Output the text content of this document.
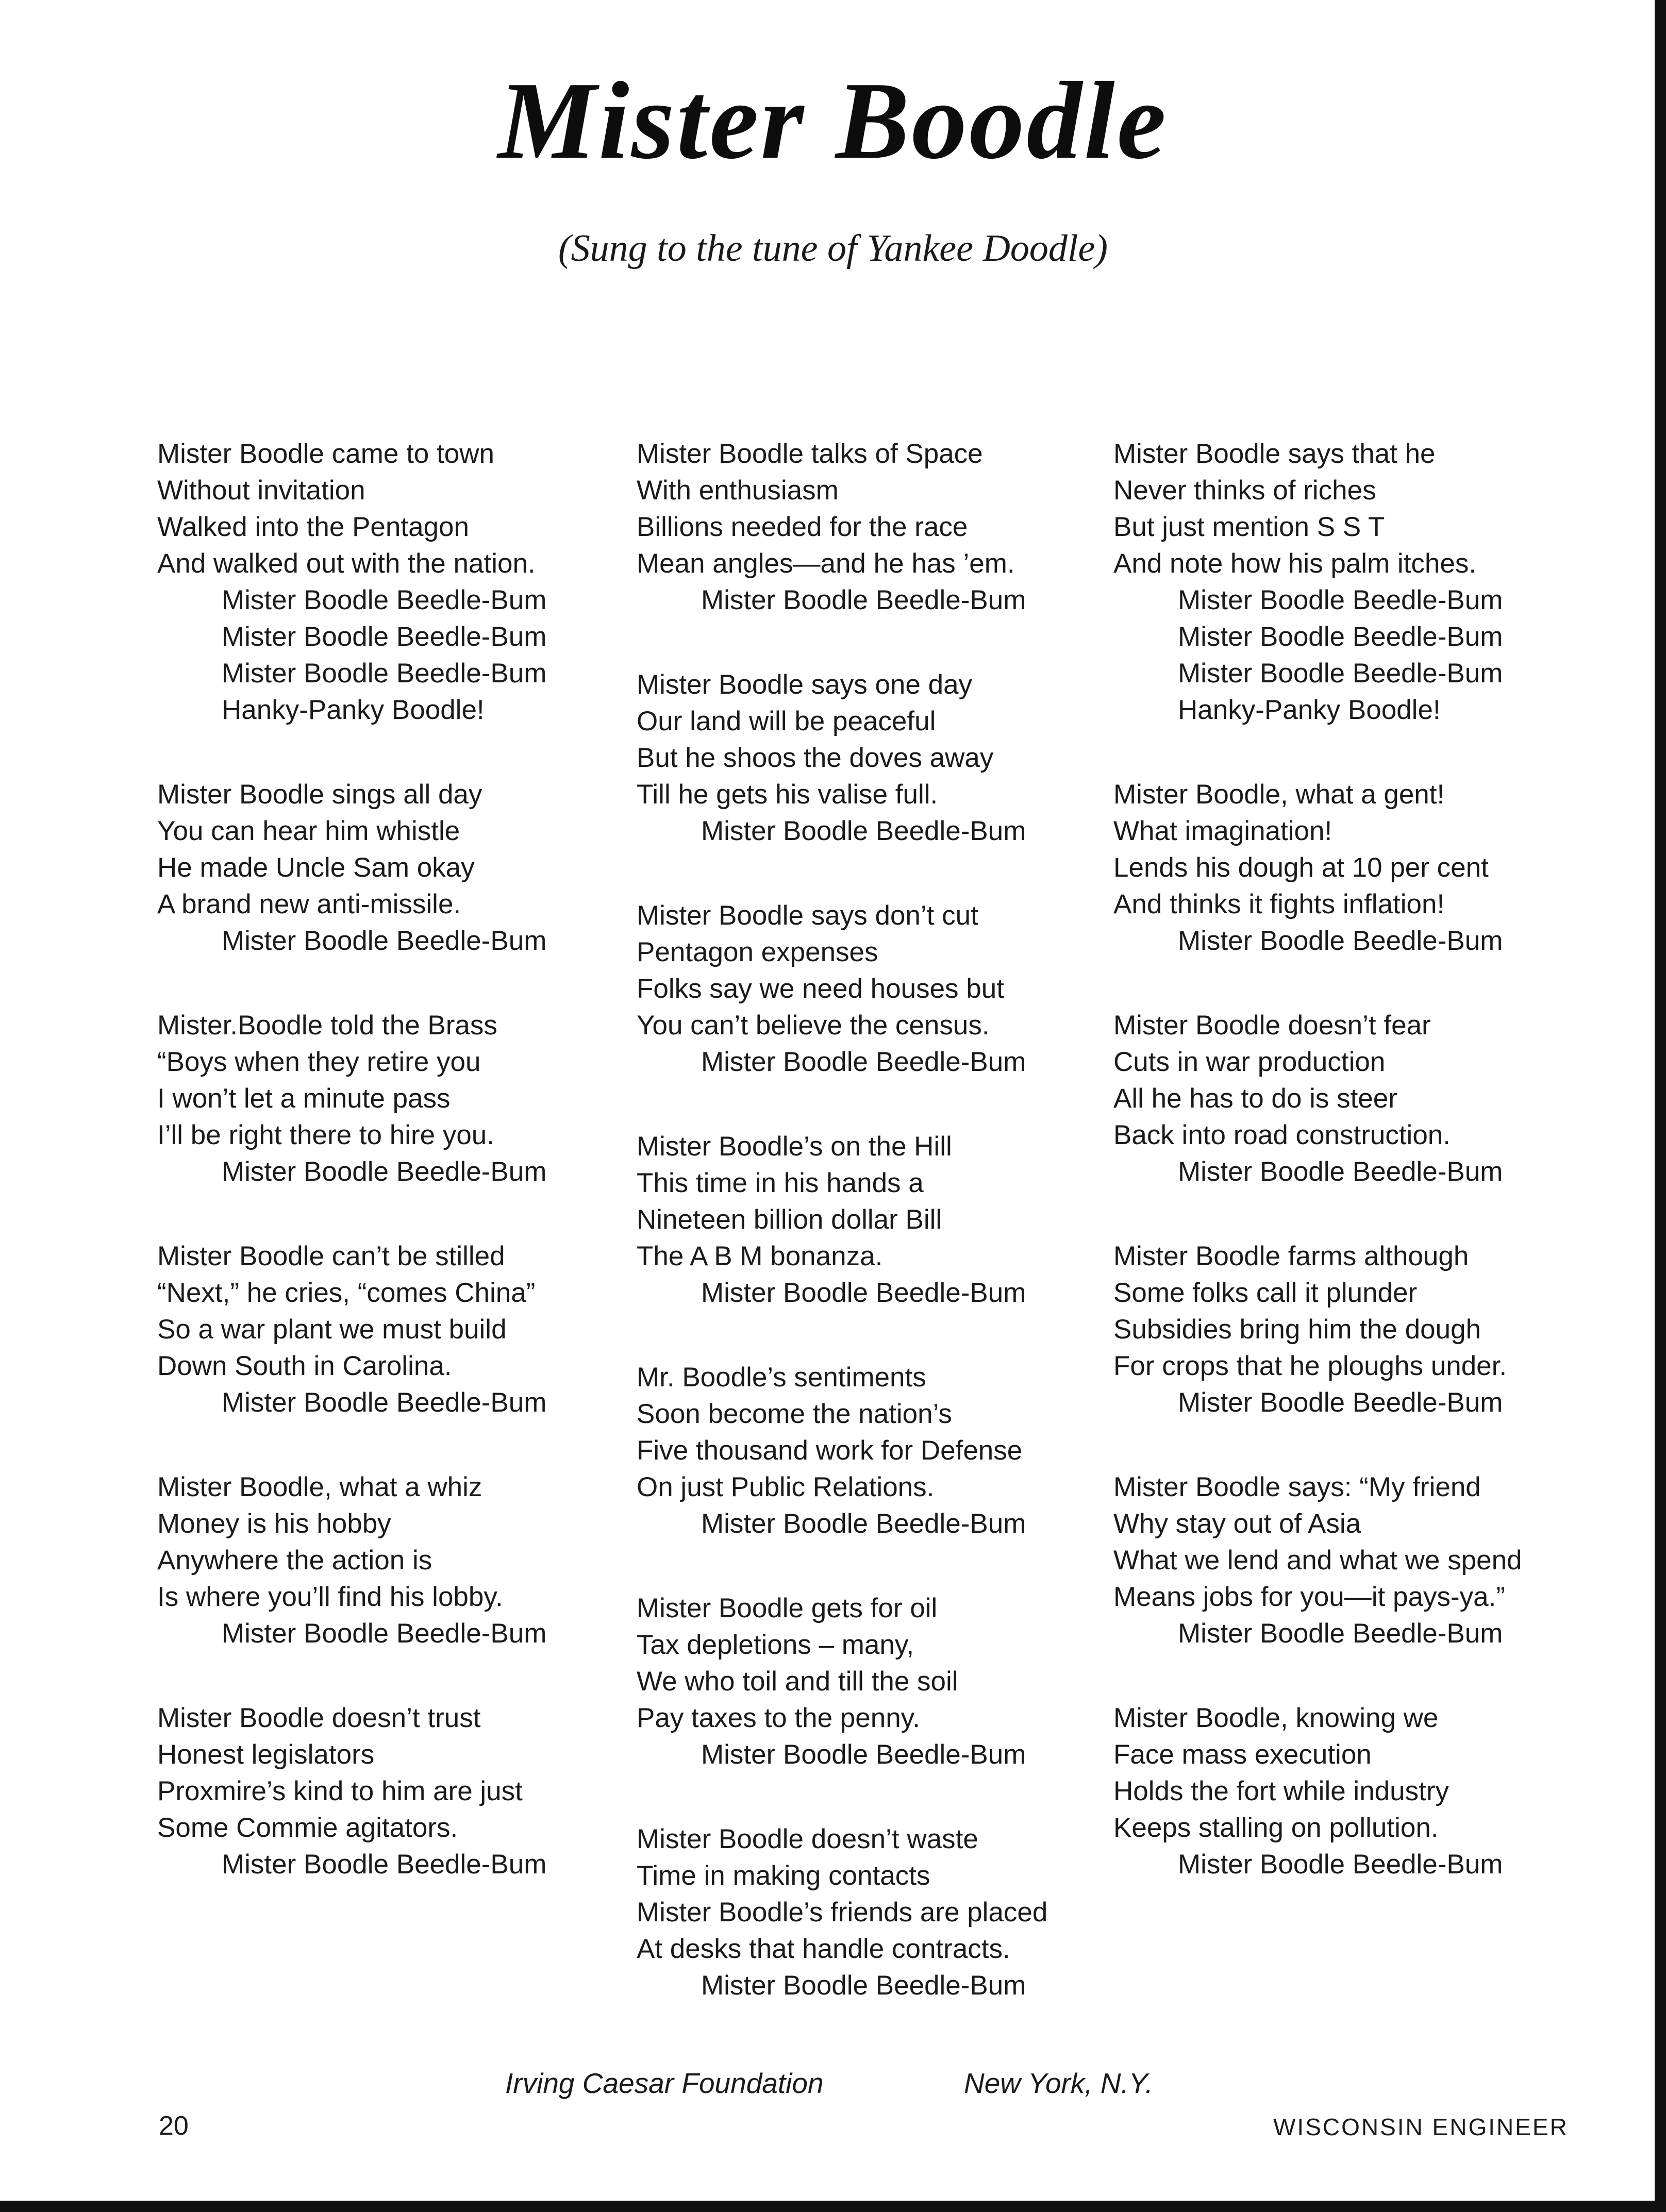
Mister Boodle
(Sung to the tune of Yankee Doodle)
Mister Boodle came to town
Without invitation
Walked into the Pentagon
And walked out with the nation.
Mister Boodle Beedle-Bum
Mister Boodle Beedle-Bum
Mister Boodle Beedle-Bum
Hanky-Panky Boodle!
Mister Boodle sings all day
You can hear him whistle
He made Uncle Sam okay
A brand new anti-missile.
Mister Boodle Beedle-Bum
Mister.Boodle told the Brass
“Boys when they retire you
I won’t let a minute pass
I’ll be right there to hire you.
Mister Boodle Beedle-Bum
Mister Boodle can’t be stilled
“Next,” he cries, “comes China”
So a war plant we must build
Down South in Carolina.
Mister Boodle Beedle-Bum
Mister Boodle, what a whiz
Money is his hobby
Anywhere the action is
Is where you’ll find his lobby.
Mister Boodle Beedle-Bum
Mister Boodle doesn’t trust
Honest legislators
Proxmire’s kind to him are just
Some Commie agitators.
Mister Boodle Beedle-Bum
Mister Boodle talks of Space
With enthusiasm
Billions needed for the race
Mean angles—and he has ’em.
Mister Boodle Beedle-Bum
Mister Boodle says one day
Our land will be peaceful
But he shoos the doves away
Till he gets his valise full.
Mister Boodle Beedle-Bum
Mister Boodle says don’t cut
Pentagon expenses
Folks say we need houses but
You can’t believe the census.
Mister Boodle Beedle-Bum
Mister Boodle’s on the Hill
This time in his hands a
Nineteen billion dollar Bill
The A B M bonanza.
Mister Boodle Beedle-Bum
Mr. Boodle’s sentiments
Soon become the nation’s
Five thousand work for Defense
On just Public Relations.
Mister Boodle Beedle-Bum
Mister Boodle gets for oil
Tax depletions – many,
We who toil and till the soil
Pay taxes to the penny.
Mister Boodle Beedle-Bum
Mister Boodle doesn’t waste
Time in making contacts
Mister Boodle’s friends are placed
At desks that handle contracts.
Mister Boodle Beedle-Bum
Mister Boodle says that he
Never thinks of riches
But just mention S S T
And note how his palm itches.
Mister Boodle Beedle-Bum
Mister Boodle Beedle-Bum
Mister Boodle Beedle-Bum
Hanky-Panky Boodle!
Mister Boodle, what a gent!
What imagination!
Lends his dough at 10 per cent
And thinks it fights inflation!
Mister Boodle Beedle-Bum
Mister Boodle doesn’t fear
Cuts in war production
All he has to do is steer
Back into road construction.
Mister Boodle Beedle-Bum
Mister Boodle farms although
Some folks call it plunder
Subsidies bring him the dough
For crops that he ploughs under.
Mister Boodle Beedle-Bum
Mister Boodle says: “My friend
Why stay out of Asia
What we lend and what we spend
Means jobs for you—it pays-ya.”
Mister Boodle Beedle-Bum
Mister Boodle, knowing we
Face mass execution
Holds the fort while industry
Keeps stalling on pollution.
Mister Boodle Beedle-Bum
Irving Caesar Foundation	New York, N.Y.
20	WISCONSIN ENGINEER
